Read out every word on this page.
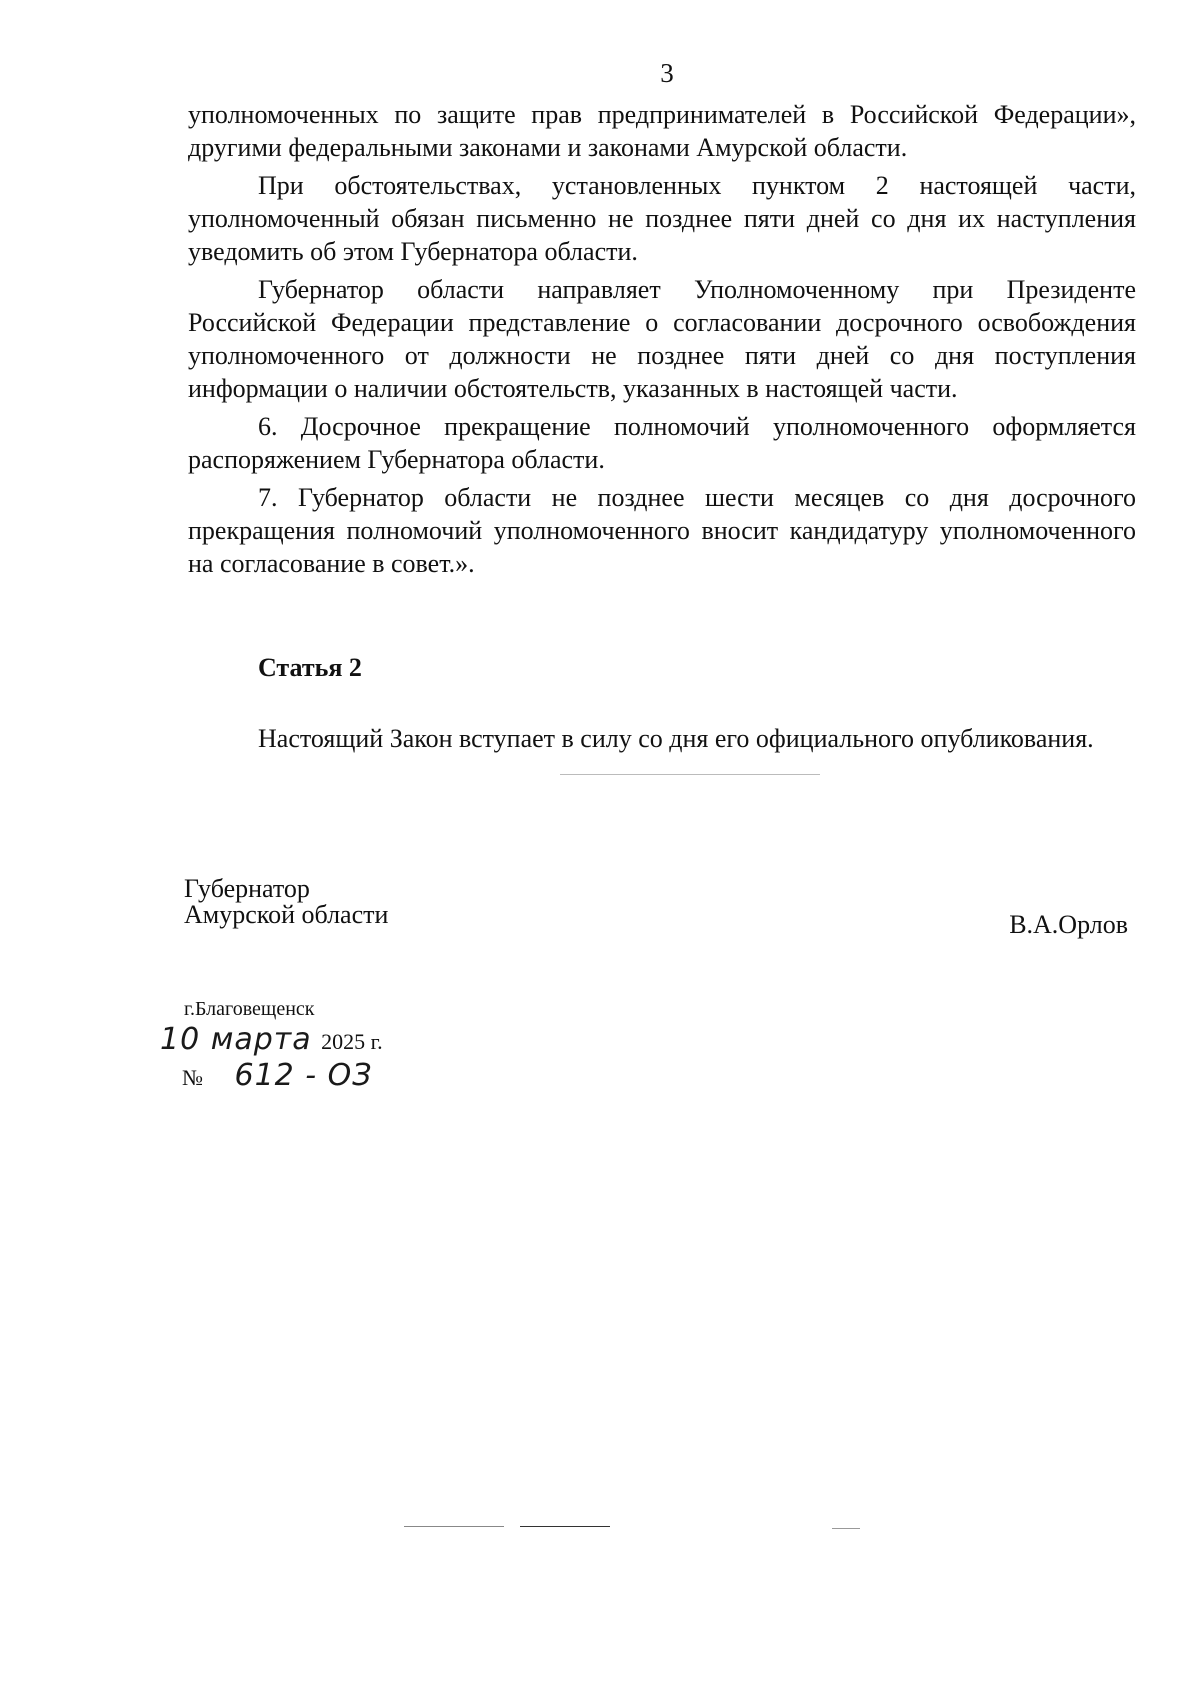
3

уполномоченных по защите прав предпринимателей в Российской Федерации», другими федеральными законами и законами Амурской области.

При обстоятельствах, установленных пунктом 2 настоящей части, уполномоченный обязан письменно не позднее пяти дней со дня их наступления уведомить об этом Губернатора области.

Губернатор области направляет Уполномоченному при Президенте Российской Федерации представление о согласовании досрочного освобождения уполномоченного от должности не позднее пяти дней со дня поступления информации о наличии обстоятельств, указанных в настоящей части.

6. Досрочное прекращение полномочий уполномоченного оформляется распоряжением Губернатора области.

7. Губернатор области не позднее шести месяцев со дня досрочного прекращения полномочий уполномоченного вносит кандидатуру уполномоченного на согласование в совет.».

Статья 2

Настоящий Закон вступает в силу со дня его официального опубликования.

Губернатор
Амурской области	В.А.Орлов
г.Благовещенск
10 марта 2025 г.
№ 612 - ОЗ
